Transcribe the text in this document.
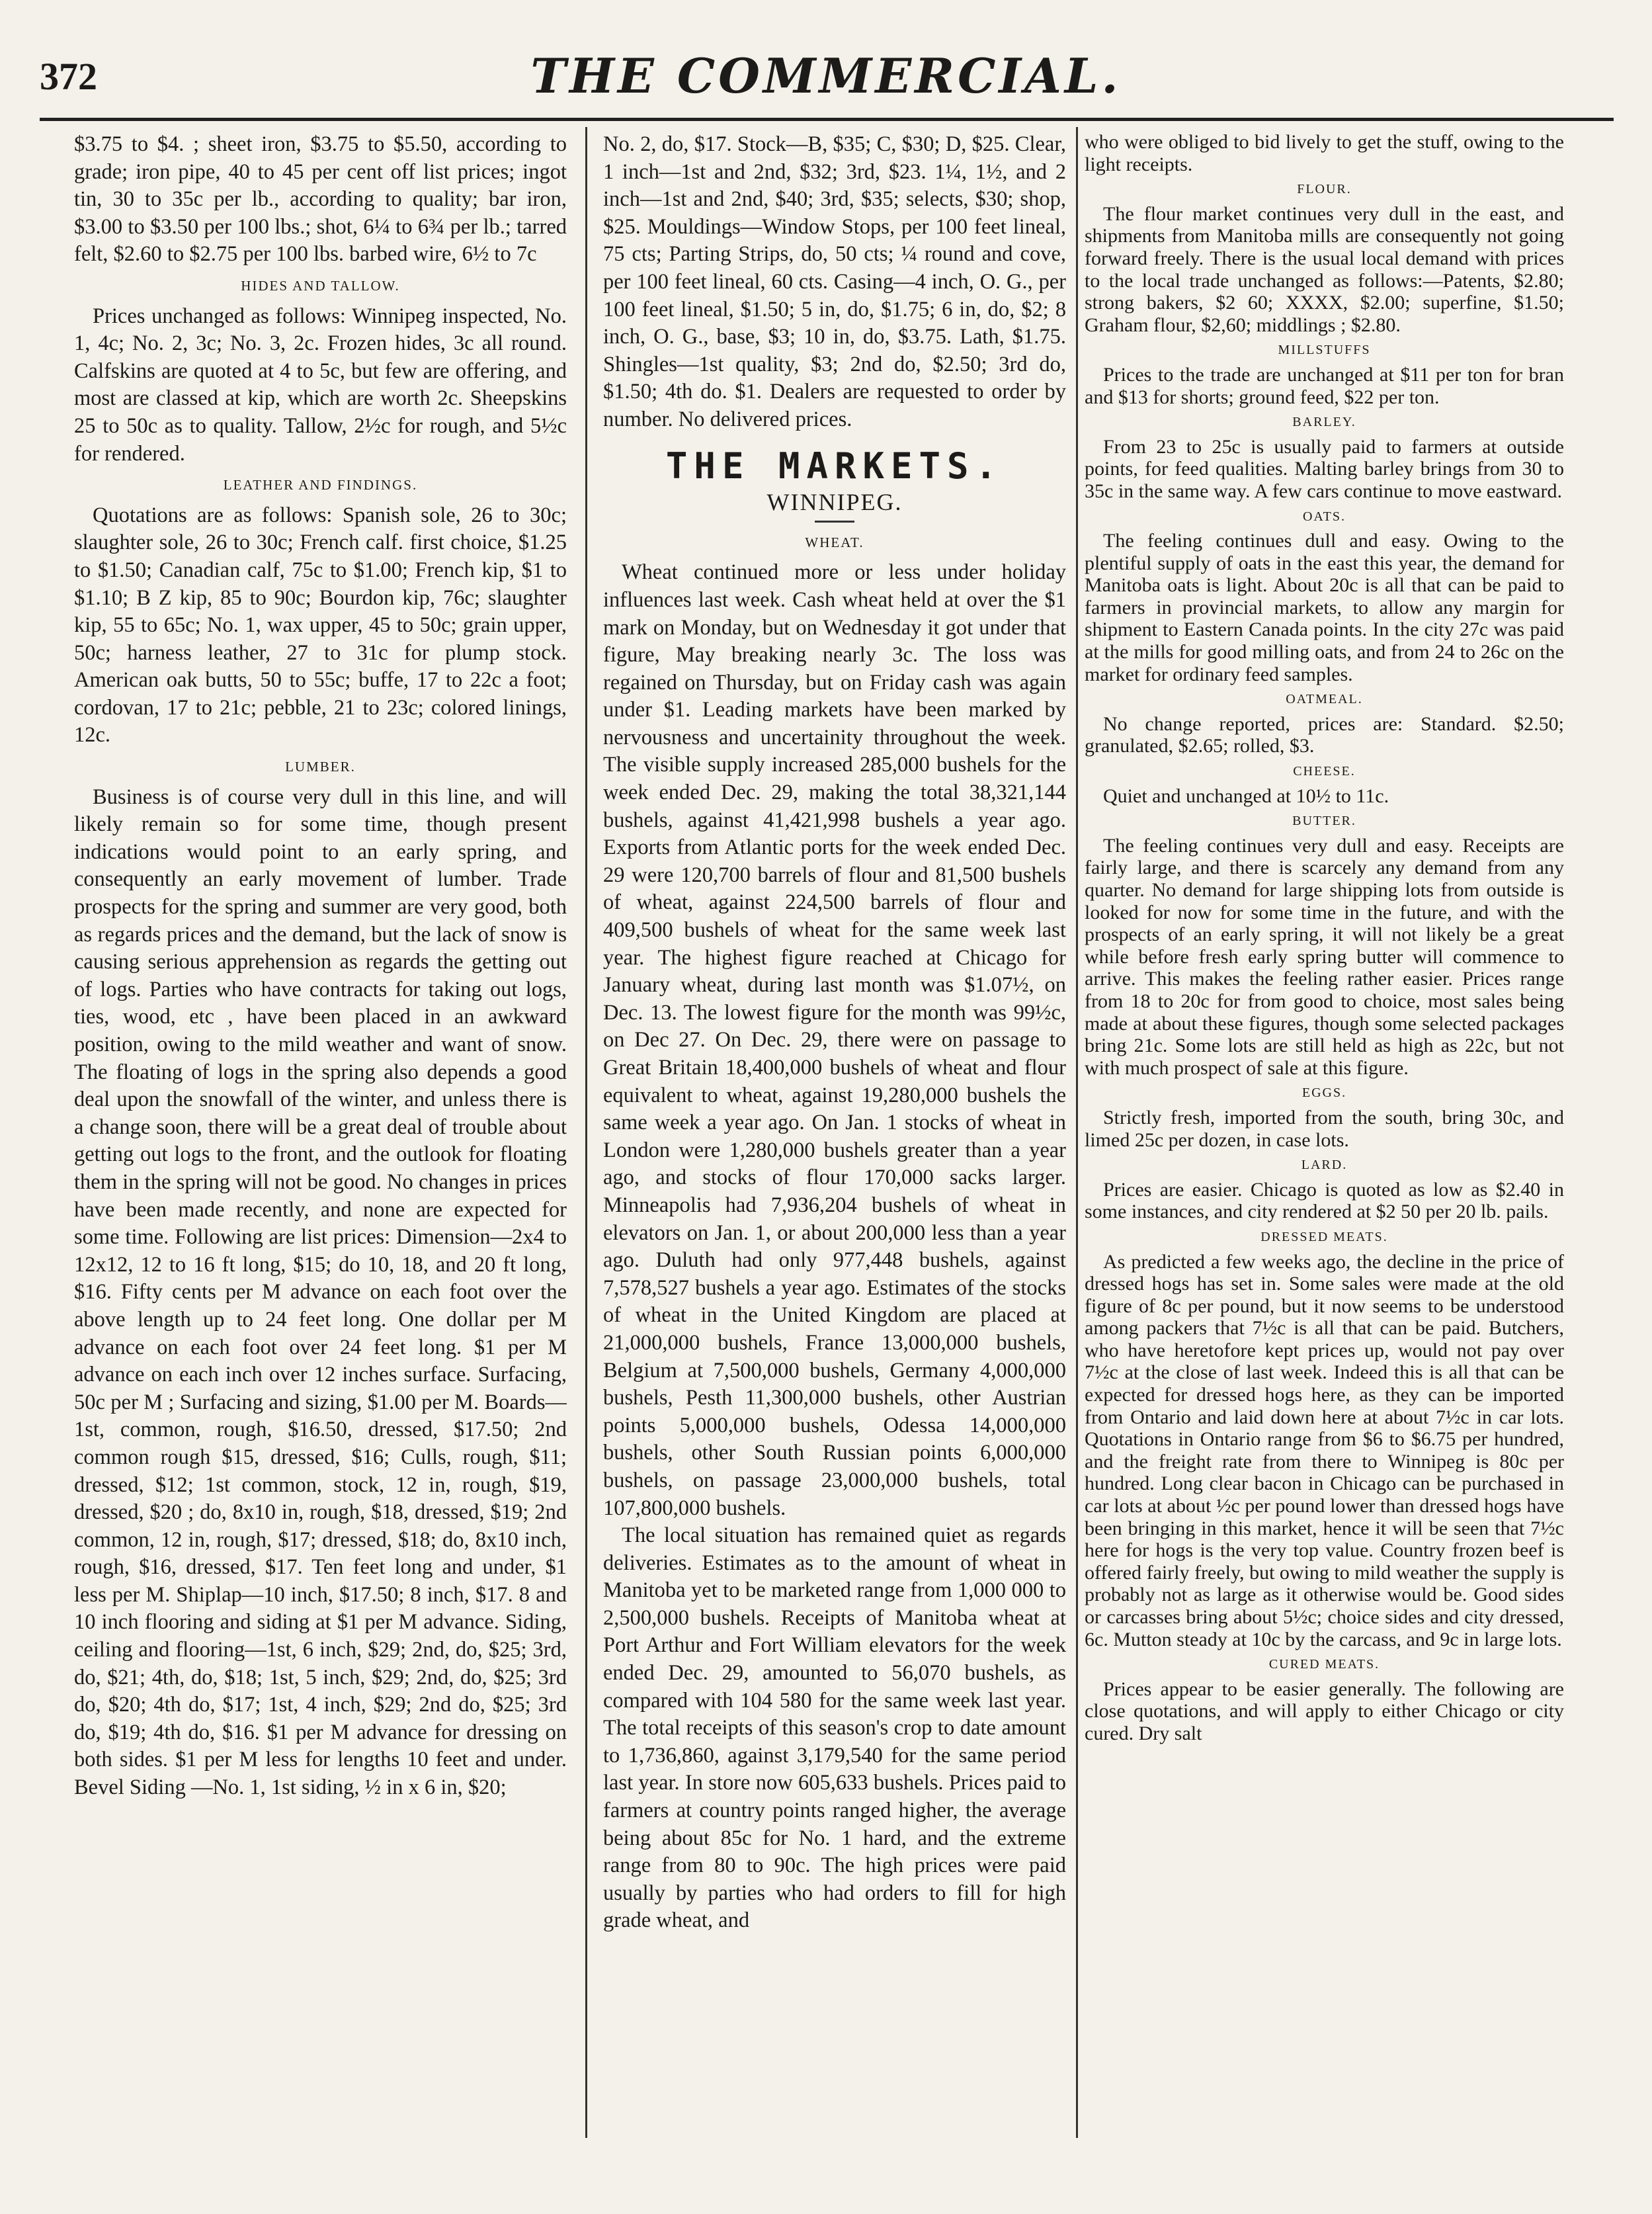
372	THE COMMERCIAL.

$3.75 to $4. ; sheet iron, $3.75 to $5.50, according to grade; iron pipe, 40 to 45 per cent off list prices; ingot tin, 30 to 35c per lb., according to quality; bar iron, $3.00 to $3.50 per 100 lbs.; shot, 6¼ to 6¾ per lb.; tarred felt, $2.60 to $2.75 per 100 lbs. barbed wire, 6½ to 7c

HIDES AND TALLOW.

Prices unchanged as follows: Winnipeg inspected, No. 1, 4c; No. 2, 3c; No. 3, 2c. Frozen hides, 3c all round. Calfskins are quoted at 4 to 5c, but few are offering, and most are classed at kip, which are worth 2c. Sheepskins 25 to 50c as to quality. Tallow, 2½c for rough, and 5½c for rendered.

LEATHER AND FINDINGS.

Quotations are as follows: Spanish sole, 26 to 30c; slaughter sole, 26 to 30c; French calf. first choice, $1.25 to $1.50; Canadian calf, 75c to $1.00; French kip, $1 to $1.10; B Z kip, 85 to 90c; Bourdon kip, 76c; slaughter kip, 55 to 65c; No. 1, wax upper, 45 to 50c; grain upper, 50c; harness leather, 27 to 31c for plump stock. American oak butts, 50 to 55c; buffe, 17 to 22c a foot; cordovan, 17 to 21c; pebble, 21 to 23c; colored linings, 12c.

LUMBER.

Business is of course very dull in this line, and will likely remain so for some time, though present indications would point to an early spring, and consequently an early movement of lumber. Trade prospects for the spring and summer are very good, both as regards prices and the demand, but the lack of snow is causing serious apprehension as regards the getting out of logs. Parties who have contracts for taking out logs, ties, wood, etc , have been placed in an awkward position, owing to the mild weather and want of snow. The floating of logs in the spring also depends a good deal upon the snowfall of the winter, and unless there is a change soon, there will be a great deal of trouble about getting out logs to the front, and the outlook for floating them in the spring will not be good. No changes in prices have been made recently, and none are expected for some time. Following are list prices: Dimension—2x4 to 12x12, 12 to 16 ft long, $15; do 10, 18, and 20 ft long, $16. Fifty cents per M advance on each foot over the above length up to 24 feet long. One dollar per M advance on each foot over 24 feet long. $1 per M advance on each inch over 12 inches surface. Surfacing, 50c per M ; Surfacing and sizing, $1.00 per M. Boards—1st, common, rough, $16.50, dressed, $17.50; 2nd common rough $15, dressed, $16; Culls, rough, $11; dressed, $12; 1st common, stock, 12 in, rough, $19, dressed, $20 ; do, 8x10 in, rough, $18, dressed, $19; 2nd common, 12 in, rough, $17; dressed, $18; do, 8x10 inch, rough, $16, dressed, $17. Ten feet long and under, $1 less per M. Shiplap—10 inch, $17.50; 8 inch, $17. 8 and 10 inch flooring and siding at $1 per M advance. Siding, ceiling and flooring—1st, 6 inch, $29; 2nd, do, $25; 3rd, do, $21; 4th, do, $18; 1st, 5 inch, $29; 2nd, do, $25; 3rd do, $20; 4th do, $17; 1st, 4 inch, $29; 2nd do, $25; 3rd do, $19; 4th do, $16. $1 per M advance for dressing on both sides. $1 per M less for lengths 10 feet and under. Bevel Siding —No. 1, 1st siding, ½ in x 6 in, $20;

No. 2, do, $17. Stock—B, $35; C, $30; D, $25. Clear, 1 inch—1st and 2nd, $32; 3rd, $23. 1¼, 1½, and 2 inch—1st and 2nd, $40; 3rd, $35; selects, $30; shop, $25. Mouldings—Window Stops, per 100 feet lineal, 75 cts; Parting Strips, do, 50 cts; ¼ round and cove, per 100 feet lineal, 60 cts. Casing—4 inch, O. G., per 100 feet lineal, $1.50; 5 in, do, $1.75; 6 in, do, $2; 8 inch, O. G., base, $3; 10 in, do, $3.75. Lath, $1.75. Shingles—1st quality, $3; 2nd do, $2.50; 3rd do, $1.50; 4th do. $1. Dealers are requested to order by number. No delivered prices.

THE MARKETS.
WINNIPEG.
WHEAT.

Wheat continued more or less under holiday influences last week. Cash wheat held at over the $1 mark on Monday, but on Wednesday it got under that figure, May breaking nearly 3c. The loss was regained on Thursday, but on Friday cash was again under $1. Leading markets have been marked by nervousness and uncertainity throughout the week. The visible supply increased 285,000 bushels for the week ended Dec. 29, making the total 38,321,144 bushels, against 41,421,998 bushels a year ago. Exports from Atlantic ports for the week ended Dec. 29 were 120,700 barrels of flour and 81,500 bushels of wheat, against 224,500 barrels of flour and 409,500 bushels of wheat for the same week last year. The highest figure reached at Chicago for January wheat, during last month was $1.07½, on Dec. 13. The lowest figure for the month was 99½c, on Dec 27. On Dec. 29, there were on passage to Great Britain 18,400,000 bushels of wheat and flour equivalent to wheat, against 19,280,000 bushels the same week a year ago. On Jan. 1 stocks of wheat in London were 1,280,000 bushels greater than a year ago, and stocks of flour 170,000 sacks larger. Minneapolis had 7,936,204 bushels of wheat in elevators on Jan. 1, or about 200,000 less than a year ago. Duluth had only 977,448 bushels, against 7,578,527 bushels a year ago. Estimates of the stocks of wheat in the United Kingdom are placed at 21,000,000 bushels, France 13,000,000 bushels, Belgium at 7,500,000 bushels, Germany 4,000,000 bushels, Pesth 11,300,000 bushels, other Austrian points 5,000,000 bushels, Odessa 14,000,000 bushels, other South Russian points 6,000,000 bushels, on passage 23,000,000 bushels, total 107,800,000 bushels.

The local situation has remained quiet as regards deliveries. Estimates as to the amount of wheat in Manitoba yet to be marketed range from 1,000 000 to 2,500,000 bushels. Receipts of Manitoba wheat at Port Arthur and Fort William elevators for the week ended Dec. 29, amounted to 56,070 bushels, as compared with 104 580 for the same week last year. The total receipts of this season's crop to date amount to 1,736,860, against 3,179,540 for the same period last year. In store now 605,633 bushels. Prices paid to farmers at country points ranged higher, the average being about 85c for No. 1 hard, and the extreme range from 80 to 90c. The high prices were paid usually by parties who had orders to fill for high grade wheat, and

who were obliged to bid lively to get the stuff, owing to the light receipts.

FLOUR.

The flour market continues very dull in the east, and shipments from Manitoba mills are consequently not going forward freely. There is the usual local demand with prices to the local trade unchanged as follows:—Patents, $2.80; strong bakers, $2 60; XXXX, $2.00; superfine, $1.50; Graham flour, $2,60; middlings ; $2.80.

MILLSTUFFS

Prices to the trade are unchanged at $11 per ton for bran and $13 for shorts; ground feed, $22 per ton.

BARLEY.

From 23 to 25c is usually paid to farmers at outside points, for feed qualities. Malting barley brings from 30 to 35c in the same way. A few cars continue to move eastward.

OATS.

The feeling continues dull and easy. Owing to the plentiful supply of oats in the east this year, the demand for Manitoba oats is light. About 20c is all that can be paid to farmers in provincial markets, to allow any margin for shipment to Eastern Canada points. In the city 27c was paid at the mills for good milling oats, and from 24 to 26c on the market for ordinary feed samples.

OATMEAL.

No change reported, prices are: Standard. $2.50; granulated, $2.65; rolled, $3.

CHEESE.

Quiet and unchanged at 10½ to 11c.

BUTTER.

The feeling continues very dull and easy. Receipts are fairly large, and there is scarcely any demand from any quarter. No demand for large shipping lots from outside is looked for now for some time in the future, and with the prospects of an early spring, it will not likely be a great while before fresh early spring butter will commence to arrive. This makes the feeling rather easier. Prices range from 18 to 20c for from good to choice, most sales being made at about these figures, though some selected packages bring 21c. Some lots are still held as high as 22c, but not with much prospect of sale at this figure.

EGGS.

Strictly fresh, imported from the south, bring 30c, and limed 25c per dozen, in case lots.

LARD.

Prices are easier. Chicago is quoted as low as $2.40 in some instances, and city rendered at $2 50 per 20 lb. pails.

DRESSED MEATS.

As predicted a few weeks ago, the decline in the price of dressed hogs has set in. Some sales were made at the old figure of 8c per pound, but it now seems to be understood among packers that 7½c is all that can be paid. Butchers, who have heretofore kept prices up, would not pay over 7½c at the close of last week. Indeed this is all that can be expected for dressed hogs here, as they can be imported from Ontario and laid down here at about 7½c in car lots. Quotations in Ontario range from $6 to $6.75 per hundred, and the freight rate from there to Winnipeg is 80c per hundred. Long clear bacon in Chicago can be purchased in car lots at about ½c per pound lower than dressed hogs have been bringing in this market, hence it will be seen that 7½c here for hogs is the very top value. Country frozen beef is offered fairly freely, but owing to mild weather the supply is probably not as large as it otherwise would be. Good sides or carcasses bring about 5½c; choice sides and city dressed, 6c. Mutton steady at 10c by the carcass, and 9c in large lots.

CURED MEATS.

Prices appear to be easier generally. The following are close quotations, and will apply to either Chicago or city cured. Dry salt
